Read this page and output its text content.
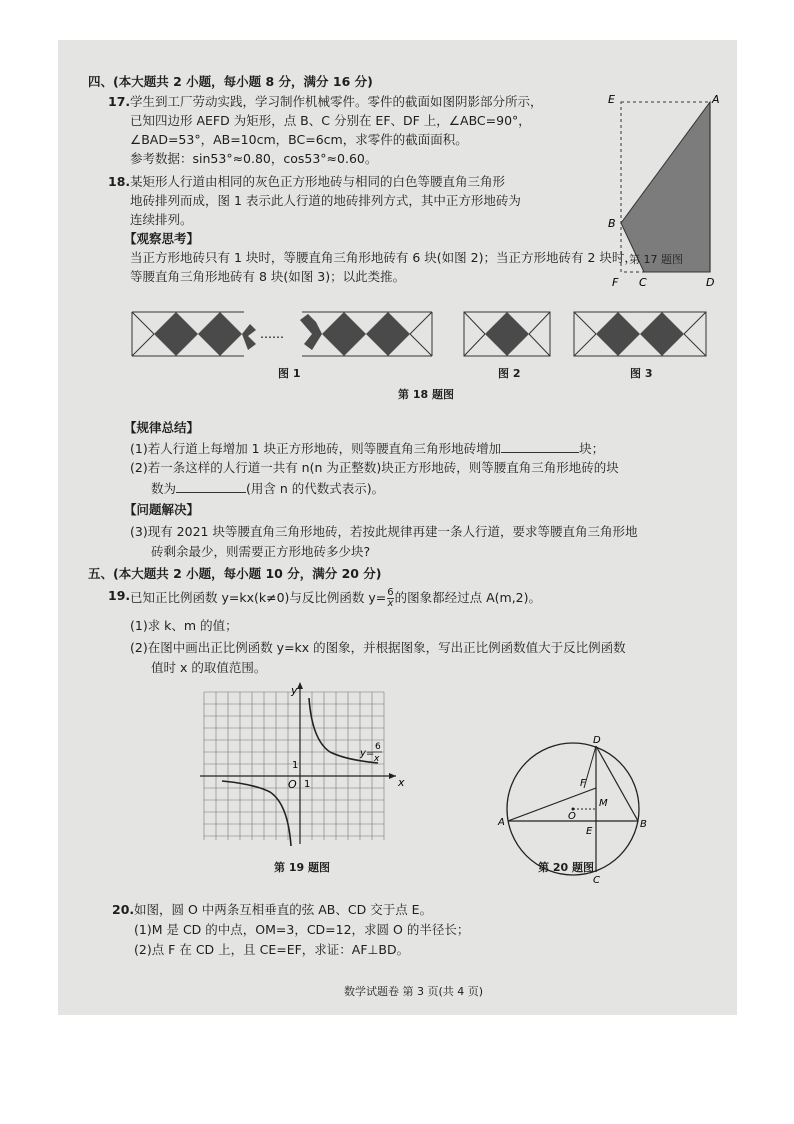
四、(本大题共 2 小题，每小题 8 分，满分 16 分)
17. 学生到工厂劳动实践，学习制作机械零件。零件的截面如图阴影部分所示，
已知四边形 AEFD 为矩形，点 B、C 分别在 EF、DF 上，∠ABC=90°，
∠BAD=53°，AB=10cm，BC=6cm，求零件的截面面积。
参考数据：sin53°≈0.80，cos53°≈0.60。
E	A
B
F C	D
第 17 题图
18. 某矩形人行道由相同的灰色正方形地砖与相同的白色等腰直角三角形
地砖排列而成，图 1 表示此人行道的地砖排列方式，其中正方形地砖为
连续排列。
【观察思考】
当正方形地砖只有 1 块时，等腰直角三角形地砖有 6 块(如图 2)；当正方形地砖有 2 块时，
等腰直角三角形地砖有 8 块(如图 3)；以此类推。
……
图 1	图 2	图 3
第 18 题图
【规律总结】
(1)若人行道上每增加 1 块正方形地砖，则等腰直角三角形地砖增加	块；
(2)若一条这样的人行道一共有 n(n 为正整数)块正方形地砖，则等腰直角三角形地砖的块
数为	(用含 n 的代数式表示)。
【问题解决】
(3)现有 2021 块等腰直角三角形地砖，若按此规律再建一条人行道，要求等腰直角三角形地
砖剩余最少，则需要正方形地砖多少块?
五、(本大题共 2 小题，每小题 10 分，满分 20 分)
19. 已知正比例函数 y=kx(k≠0)与反比例函数 $y= \frac{6}{x}$ 的图象都经过点 A(m,2)。
(1)求 k、m 的值；
(2)在图中画出正比例函数 y=kx 的图象，并根据图象，写出正比例函数值大于反比例函数
值时 x 的取值范围。
y
x
O 1
1
y=
6
x
第 19 题图
D
F
M
O
A
E
B
C
第 20 题图
20. 如图，圆 O 中两条互相垂直的弦 AB、CD 交于点 E。
(1)M 是 CD 的中点，OM=3，CD=12，求圆 O 的半径长；
(2)点 F 在 CD 上，且 CE=EF，求证：AF⊥BD。
数学试题卷 第 3 页(共 4 页)
